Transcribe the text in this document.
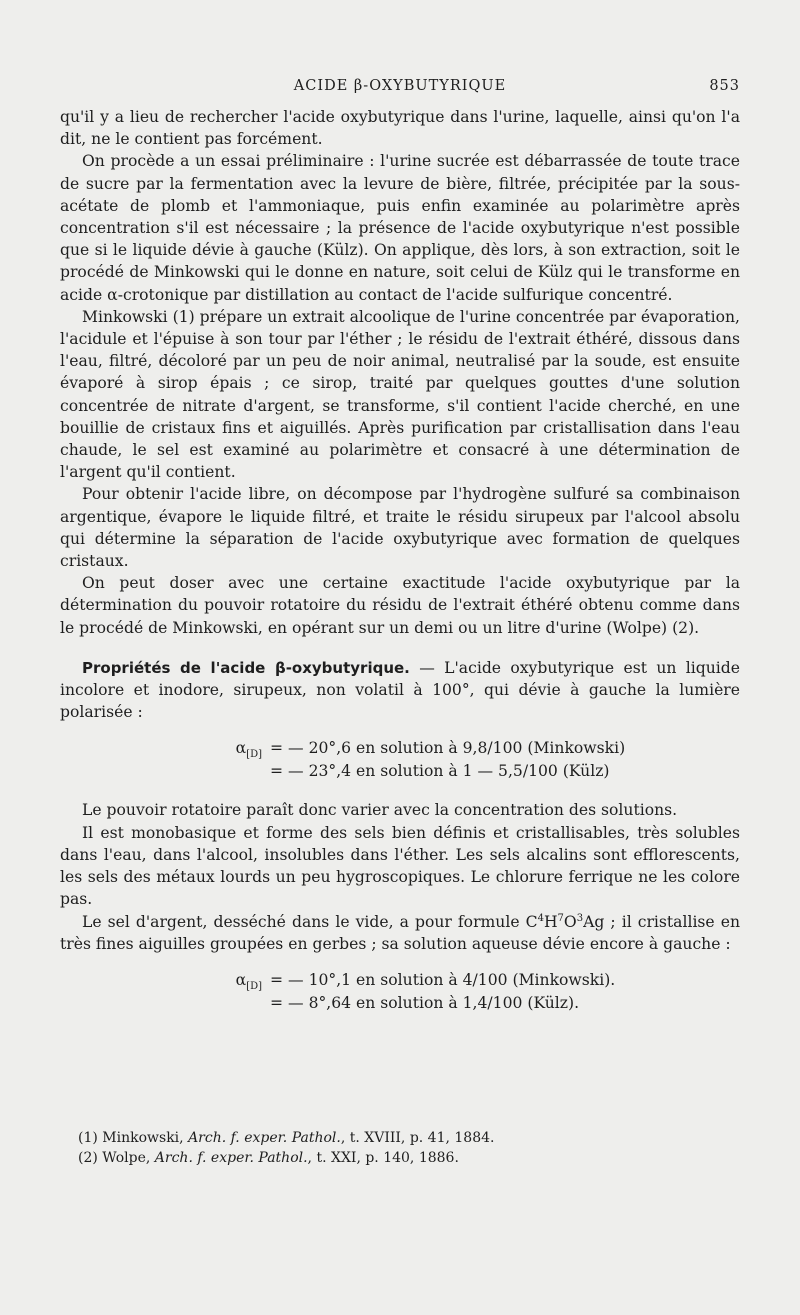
ACIDE β-OXYBUTYRIQUE	853

qu'il y a lieu de rechercher l'acide oxybutyrique dans l'urine, laquelle, ainsi qu'on l'a dit, ne le contient pas forcément.

On procède a un essai préliminaire : l'urine sucrée est débarrassée de toute trace de sucre par la fermentation avec la levure de bière, filtrée, précipitée par la sous-acétate de plomb et l'ammoniaque, puis enfin examinée au polarimètre après concentration s'il est nécessaire ; la présence de l'acide oxybutyrique n'est possible que si le liquide dévie à gauche (Külz). On applique, dès lors, à son extraction, soit le procédé de Minkowski qui le donne en nature, soit celui de Külz qui le transforme en acide α-crotonique par distillation au contact de l'acide sulfurique concentré.

Minkowski (1) prépare un extrait alcoolique de l'urine concentrée par évaporation, l'acidule et l'épuise à son tour par l'éther ; le résidu de l'extrait éthéré, dissous dans l'eau, filtré, décoloré par un peu de noir animal, neutralisé par la soude, est ensuite évaporé à sirop épais ; ce sirop, traité par quelques gouttes d'une solution concentrée de nitrate d'argent, se transforme, s'il contient l'acide cherché, en une bouillie de cristaux fins et aiguillés. Après purification par cristallisation dans l'eau chaude, le sel est examiné au polarimètre et consacré à une détermination de l'argent qu'il contient.

Pour obtenir l'acide libre, on décompose par l'hydrogène sulfuré sa combinaison argentique, évapore le liquide filtré, et traite le résidu sirupeux par l'alcool absolu qui détermine la séparation de l'acide oxybutyrique avec formation de quelques cristaux.

On peut doser avec une certaine exactitude l'acide oxybutyrique par la détermination du pouvoir rotatoire du résidu de l'extrait éthéré obtenu comme dans le procédé de Minkowski, en opérant sur un demi ou un litre d'urine (Wolpe) (2).

Propriétés de l'acide β-oxybutyrique. — L'acide oxybutyrique est un liquide incolore et inodore, sirupeux, non volatil à 100°, qui dévie à gauche la lumière polarisée :

$\alpha_{[D]}$ = — 20°,6 en solution à 9,8/100 (Minkowski)
= — 23°,4 en solution à 1 — 5,5/100 (Külz)

Le pouvoir rotatoire paraît donc varier avec la concentration des solutions.

Il est monobasique et forme des sels bien définis et cristallisables, très solubles dans l'eau, dans l'alcool, insolubles dans l'éther. Les sels alcalins sont efflorescents, les sels des métaux lourds un peu hygroscopiques. Le chlorure ferrique ne les colore pas.

Le sel d'argent, desséché dans le vide, a pour formule $C^4H^7O^3Ag$ ; il cristallise en très fines aiguilles groupées en gerbes ; sa solution aqueuse dévie encore à gauche :

$\alpha_{[D]}$ = — 10°,1 en solution à 4/100 (Minkowski).
= — 8°,64 en solution à 1,4/100 (Külz).

(1) Minkowski, Arch. f. exper. Pathol., t. XVIII, p. 41, 1884.

(2) Wolpe, Arch. f. exper. Pathol., t. XXI, p. 140, 1886.
